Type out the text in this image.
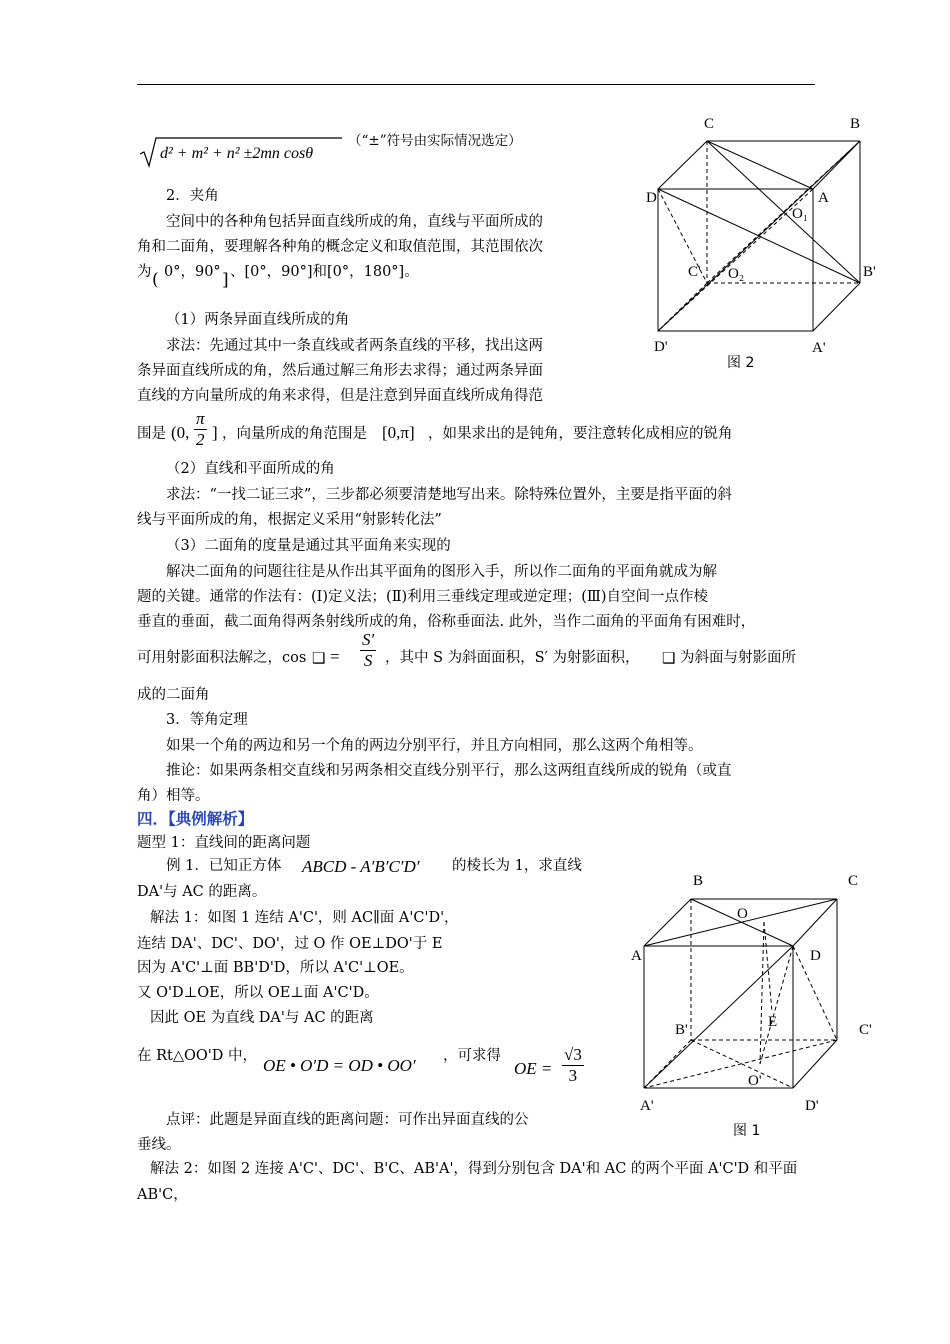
d² + m² + n² ±2mn cosθ
（“±”符号由实际情况选定）
2．夹角
空间中的各种角包括异面直线所成的角，直线与平面所成的
角和二面角，要理解各种角的概念定义和取值范围，其范围依次
为 ( 0°，90° ] 、[0°，90°]和[0°，180°]。
（1）两条异面直线所成的角
求法：先通过其中一条直线或者两条直线的平移，找出这两
条异面直线所成的角，然后通过解三角形去求得；通过两条异面
直线的方向量所成的角来求得，但是注意到异面直线所成角得范
围是 (0, $\frac{\pi}{2}$ ] ，向量所成的角范围是 [0,π] ，如果求出的是钝角，要注意转化成相应的锐角
（2）直线和平面所成的角
求法：“一找二证三求”，三步都必须要清楚地写出来。除特殊位置外，主要是指平面的斜
线与平面所成的角，根据定义采用“射影转化法”
（3）二面角的度量是通过其平面角来实现的
解决二面角的问题往往是从作出其平面角的图形入手，所以作二面角的平面角就成为解
题的关键。通常的作法有：(Ⅰ)定义法；(Ⅱ)利用三垂线定理或逆定理；(Ⅲ)自空间一点作棱
垂直的垂面，截二面角得两条射线所成的角，俗称垂面法. 此外，当作二面角的平面角有困难时，
可用射影面积法解之，cos ❑ = $\frac{S'}{S}$ ，其中 S 为斜面面积，S′ 为射影面积， ❑ 为斜面与射影面所
成的二面角
3．等角定理
如果一个角的两边和另一个角的两边分别平行，并且方向相同，那么这两个角相等。
推论：如果两条相交直线和另两条相交直线分别平行，那么这两组直线所成的锐角（或直
角）相等。
四．【典例解析】
题型 1：直线间的距离问题
例 1．已知正方体 ABCD - A′B′C′D′ 的棱长为 1，求直线
DA'与 AC 的距离。
解法 1：如图 1 连结 A'C'，则 AC∥面 A'C'D'，
连结 DA'、DC'、DO'，过 O 作 OE⊥DO'于 E
因为 A'C'⊥面 BB'D'D，所以 A'C'⊥OE。
又 O'D⊥OE，所以 OE⊥面 A'C'D。
因此 OE 为直线 DA'与 AC 的距离
在 Rt△OO'D 中， OE • O′D = OD • OO′ ，可求得
OE = $\frac{√3}{3}$
点评：此题是异面直线的距离问题：可作出异面直线的公
垂线。
解法 2：如图 2 连接 A'C'、DC'、B'C、AB'A'，得到分别包含 DA'和 AC 的两个平面 A'C'D 和平面
AB'C，
C	B
D	A
O₁
C' O₂	B'
D'	A'
图 2
B	C
O
A	D
E
B'	C'
O'
A'	D'
图 1
